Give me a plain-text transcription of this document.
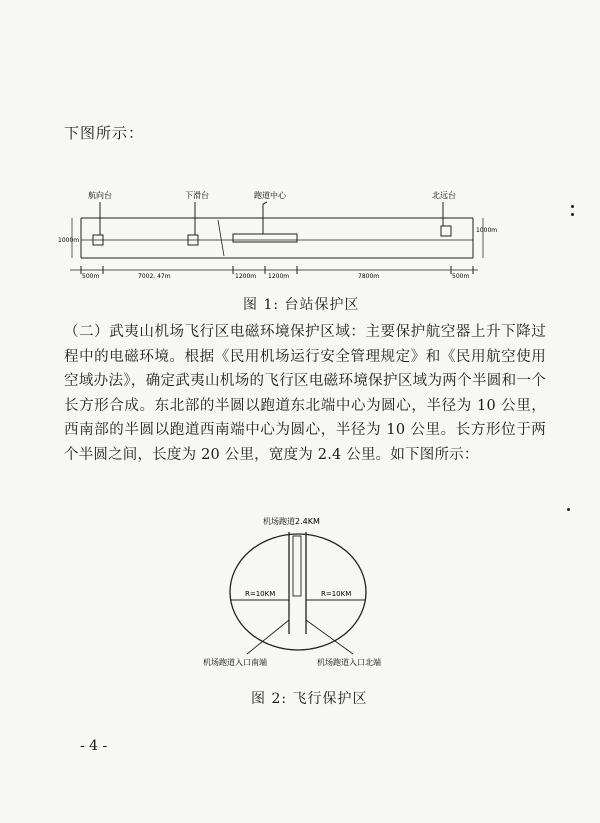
下图所示：
航向台	下滑台	跑道中心	北远台
1000m
1000m
500m	7002. 47m	1200m 1200m	7800m	500m
图 1: 台站保护区

（二）武夷山机场飞行区电磁环境保护区域：主要保护航空器上升下降过程中的电磁环境。根据《民用机场运行安全管理规定》和《民用航空使用空域办法》，确定武夷山机场的飞行区电磁环境保护区域为两个半圆和一个长方形合成。东北部的半圆以跑道东北端中心为圆心，半径为 10 公里，西南部的半圆以跑道西南端中心为圆心，半径为 10 公里。长方形位于两个半圆之间，长度为 20 公里，宽度为 2.4 公里。如下图所示：

机场跑道2.4KM
R=10KM	R=10KM
机场跑道入口南端	机场跑道入口北端
图 2: 飞行保护区
- 4 -
